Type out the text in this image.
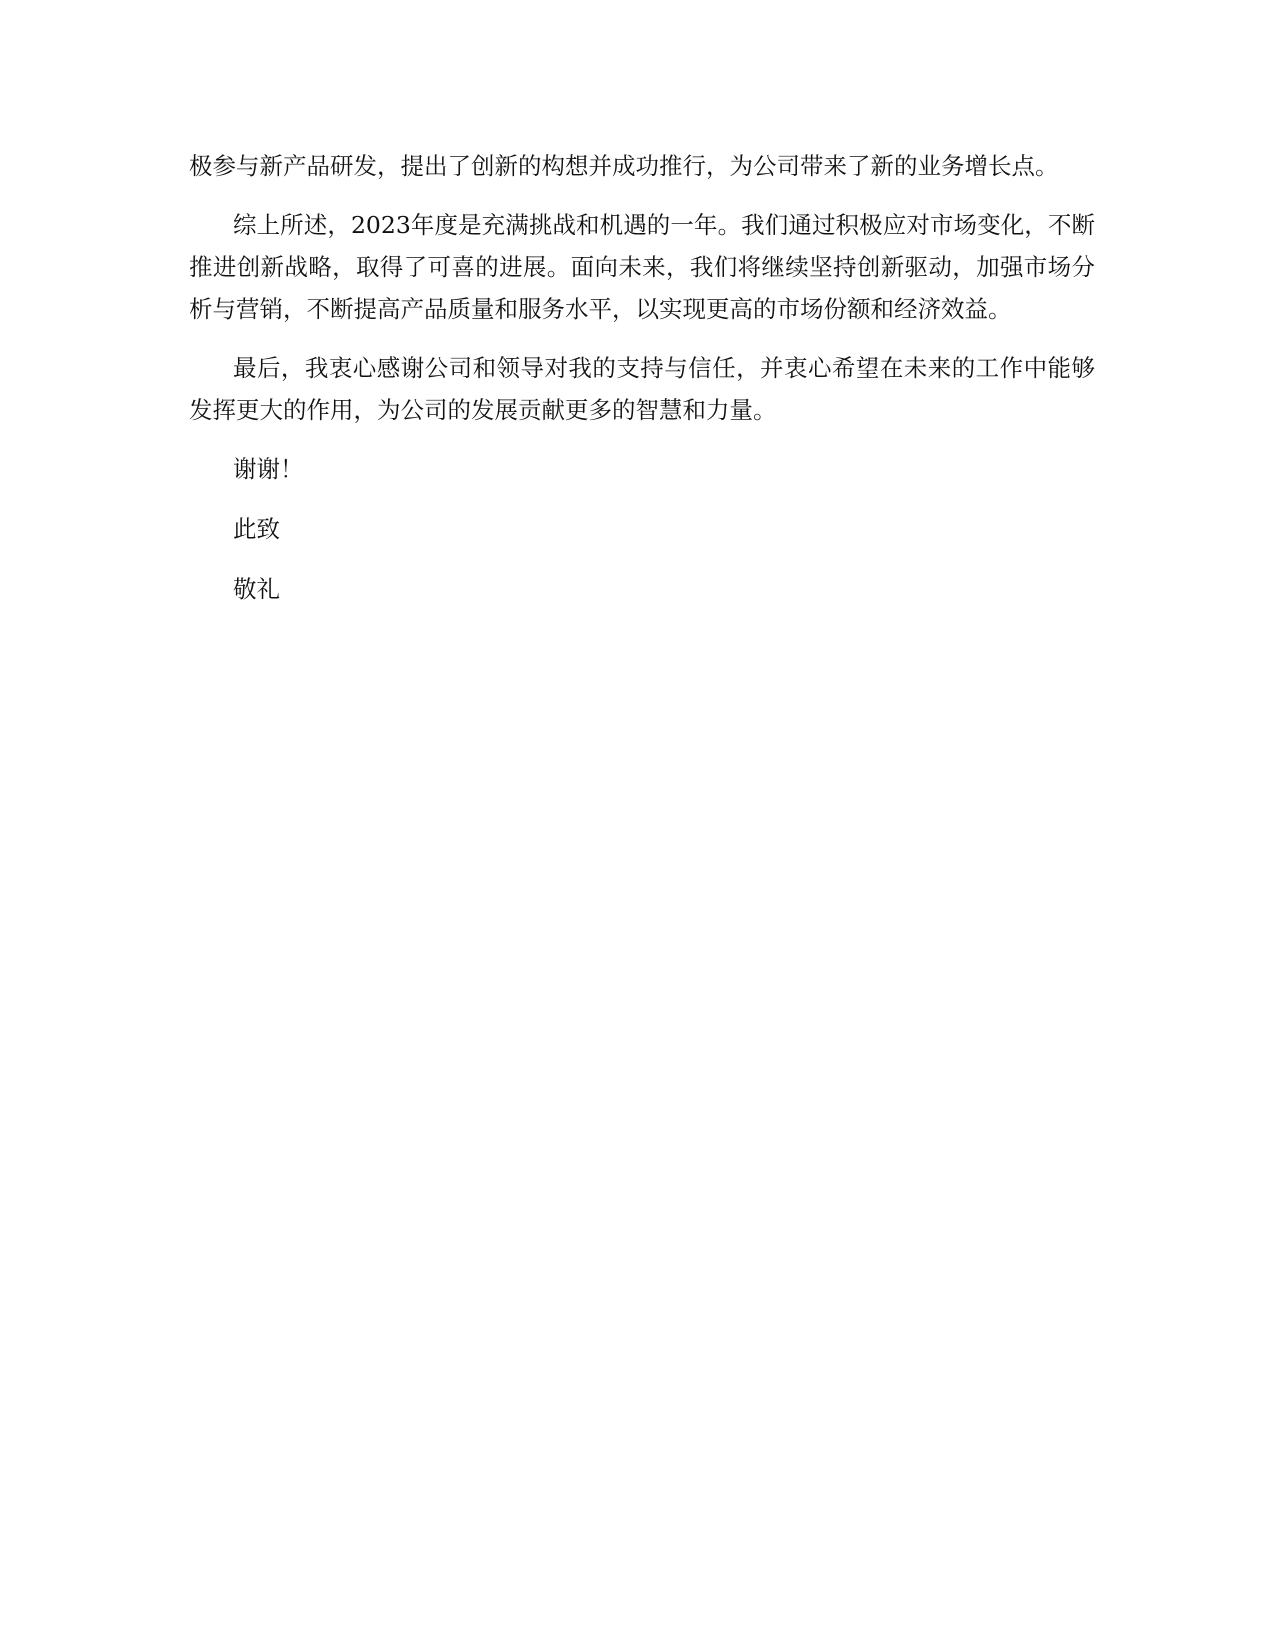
极参与新产品研发，提出了创新的构想并成功推行，为公司带来了新的业务增长点。

综上所述，2023年度是充满挑战和机遇的一年。我们通过积极应对市场变化，不断推进创新战略，取得了可喜的进展。面向未来，我们将继续坚持创新驱动，加强市场分析与营销，不断提高产品质量和服务水平，以实现更高的市场份额和经济效益。

最后，我衷心感谢公司和领导对我的支持与信任，并衷心希望在未来的工作中能够发挥更大的作用，为公司的发展贡献更多的智慧和力量。

谢谢！

此致

敬礼
